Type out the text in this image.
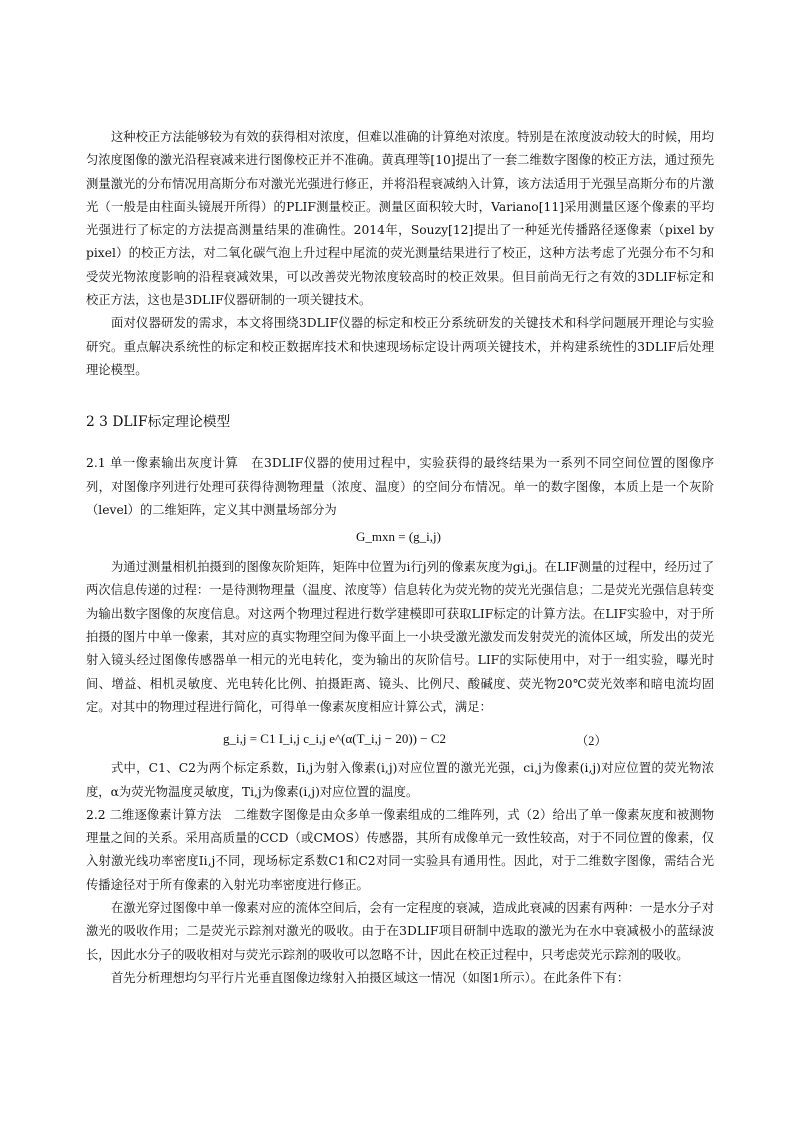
这种校正方法能够较为有效的获得相对浓度，但难以准确的计算绝对浓度。特别是在浓度波动较大的时候，用均匀浓度图像的激光沿程衰减来进行图像校正并不准确。黄真理等[10]提出了一套二维数字图像的校正方法，通过预先测量激光的分布情况用高斯分布对激光光强进行修正，并将沿程衰减纳入计算，该方法适用于光强呈高斯分布的片激光（一般是由柱面头镜展开所得）的PLIF测量校正。测量区面积较大时，Variano[11]采用测量区逐个像素的平均光强进行了标定的方法提高测量结果的准确性。2014年，Souzy[12]提出了一种延光传播路径逐像素（pixel by pixel）的校正方法，对二氧化碳气泡上升过程中尾流的荧光测量结果进行了校正，这种方法考虑了光强分布不匀和受荧光物浓度影响的沿程衰减效果，可以改善荧光物浓度较高时的校正效果。但目前尚无行之有效的3DLIF标定和校正方法，这也是3DLIF仪器研制的一项关键技术。

面对仪器研发的需求，本文将围绕3DLIF仪器的标定和校正分系统研发的关键技术和科学问题展开理论与实验研究。重点解决系统性的标定和校正数据库技术和快速现场标定设计两项关键技术，并构建系统性的3DLIF后处理理论模型。

2 3 DLIF标定理论模型

2.1 单一像素输出灰度计算　 在3DLIF仪器的使用过程中，实验获得的最终结果为一系列不同空间位置的图像序列，对图像序列进行处理可获得待测物理量（浓度、温度）的空间分布情况。单一的数字图像，本质上是一个灰阶（level）的二维矩阵，定义其中测量场部分为

G_mxn = (g_i,j)

为通过测量相机拍摄到的图像灰阶矩阵，矩阵中位置为i行j列的像素灰度为gi,j。在LIF测量的过程中，经历过了两次信息传递的过程：一是待测物理量（温度、浓度等）信息转化为荧光物的荧光光强信息；二是荧光光强信息转变为输出数字图像的灰度信息。对这两个物理过程进行数学建模即可获取LIF标定的计算方法。在LIF实验中，对于所拍摄的图片中单一像素，其对应的真实物理空间为像平面上一小块受激光激发而发射荧光的流体区域，所发出的荧光射入镜头经过图像传感器单一相元的光电转化，变为输出的灰阶信号。LIF的实际使用中，对于一组实验，曝光时间、增益、相机灵敏度、光电转化比例、拍摄距离、镜头、比例尺、酸碱度、荧光物20℃荧光效率和暗电流均固定。对其中的物理过程进行简化，可得单一像素灰度相应计算公式，满足：

g_i,j = C1 I_i,j c_i,j e^(α(T_i,j − 20)) − C2	（2）

式中，C1、C2为两个标定系数，Ii,j为射入像素(i,j)对应位置的激光光强，ci,j为像素(i,j)对应位置的荧光物浓度，α为荧光物温度灵敏度，Ti,j为像素(i,j)对应位置的温度。

2.2 二维逐像素计算方法　 二维数字图像是由众多单一像素组成的二维阵列，式（2）给出了单一像素灰度和被测物理量之间的关系。采用高质量的CCD（或CMOS）传感器，其所有成像单元一致性较高，对于不同位置的像素，仅入射激光线功率密度Ii,j不同，现场标定系数C1和C2对同一实验具有通用性。因此，对于二维数字图像，需结合光传播途径对于所有像素的入射光功率密度进行修正。

在激光穿过图像中单一像素对应的流体空间后，会有一定程度的衰减，造成此衰减的因素有两种：一是水分子对激光的吸收作用；二是荧光示踪剂对激光的吸收。由于在3DLIF项目研制中选取的激光为在水中衰减极小的蓝绿波长，因此水分子的吸收相对与荧光示踪剂的吸收可以忽略不计，因此在校正过程中，只考虑荧光示踪剂的吸收。

首先分析理想均匀平行片光垂直图像边缘射入拍摄区域这一情况（如图1所示）。在此条件下有：
